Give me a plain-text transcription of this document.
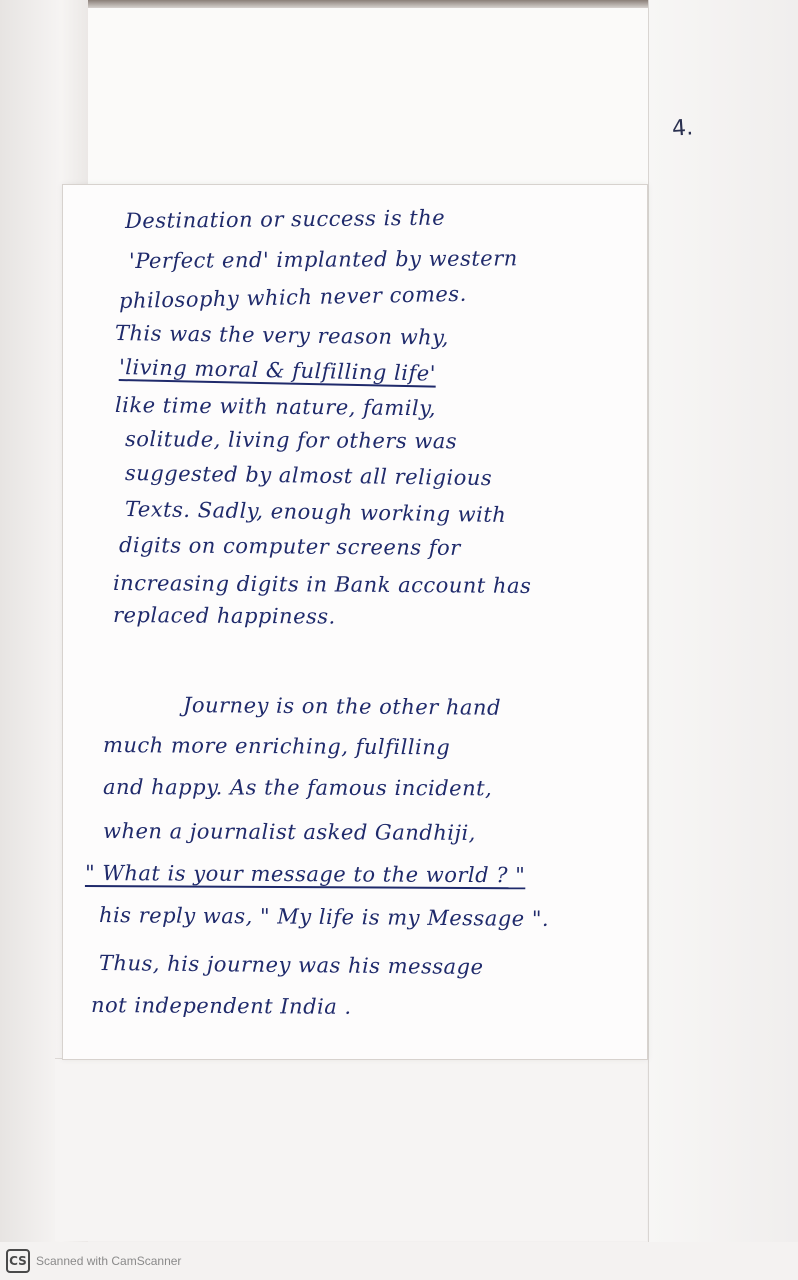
4.
Destination or success is the
'Perfect end' implanted by western
philosophy which never comes.
This was the very reason why,
'living moral & fulfilling life'
like time with nature, family,
solitude, living for others was
suggested by almost all religious
Texts. Sadly, enough working with
digits on computer screens for
increasing digits in Bank account has
replaced happiness.
Journey is on the other hand
much more enriching, fulfilling
and happy. As the famous incident,
when a journalist asked Gandhiji,
" What is your message to the world ? "
his reply was, " My life is my Message ".
Thus, his journey was his message
not independent India .
CS Scanned with CamScanner
